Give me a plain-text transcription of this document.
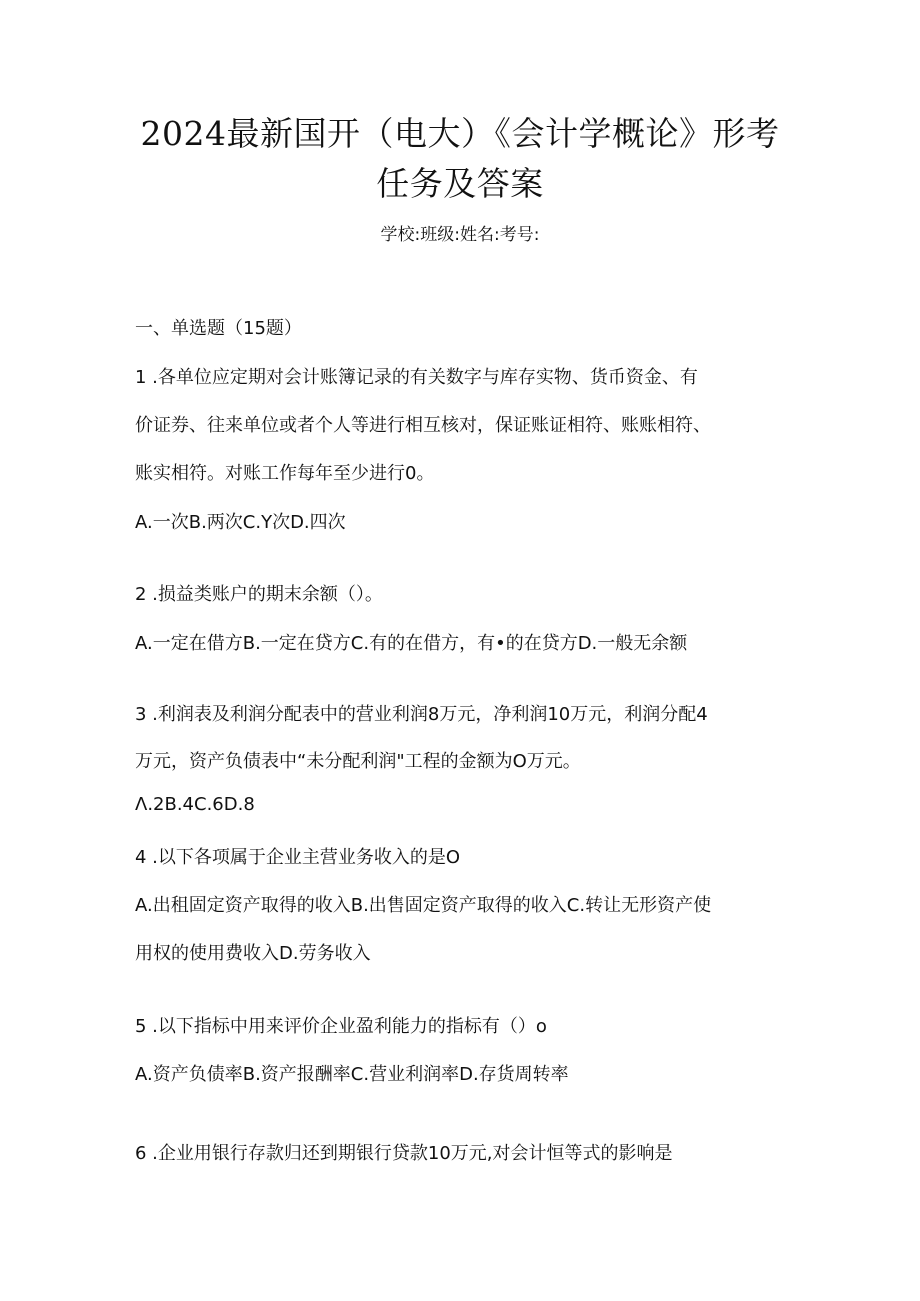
2024最新国开（电大）《会计学概论》形考
任务及答案
学校:班级:姓名:考号:
一、单选题（15题）
1 .各单位应定期对会计账簿记录的有关数字与库存实物、货币资金、有
价证券、往来单位或者个人等进行相互核对，保证账证相符、账账相符、
账实相符。对账工作每年至少进行0。
A.一次B.两次C.Y次D.四次
2 .损益类账户的期末余额（）。
A.一定在借方B.一定在贷方C.有的在借方，有•的在贷方D.一般无余额
3 .利润表及利润分配表中的营业利润8万元，净利润10万元，利润分配4
万元，资产负债表中“未分配利润"工程的金额为O万元。
Λ.2B.4C.6D.8
4 .以下各项属于企业主营业务收入的是O
A.出租固定资产取得的收入B.出售固定资产取得的收入C.转让无形资产使
用权的使用费收入D.劳务收入
5 .以下指标中用来评价企业盈利能力的指标有（）o
A.资产负债率B.资产报酬率C.营业利润率D.存货周转率
6 .企业用银行存款归还到期银行贷款10万元,对会计恒等式的影响是
